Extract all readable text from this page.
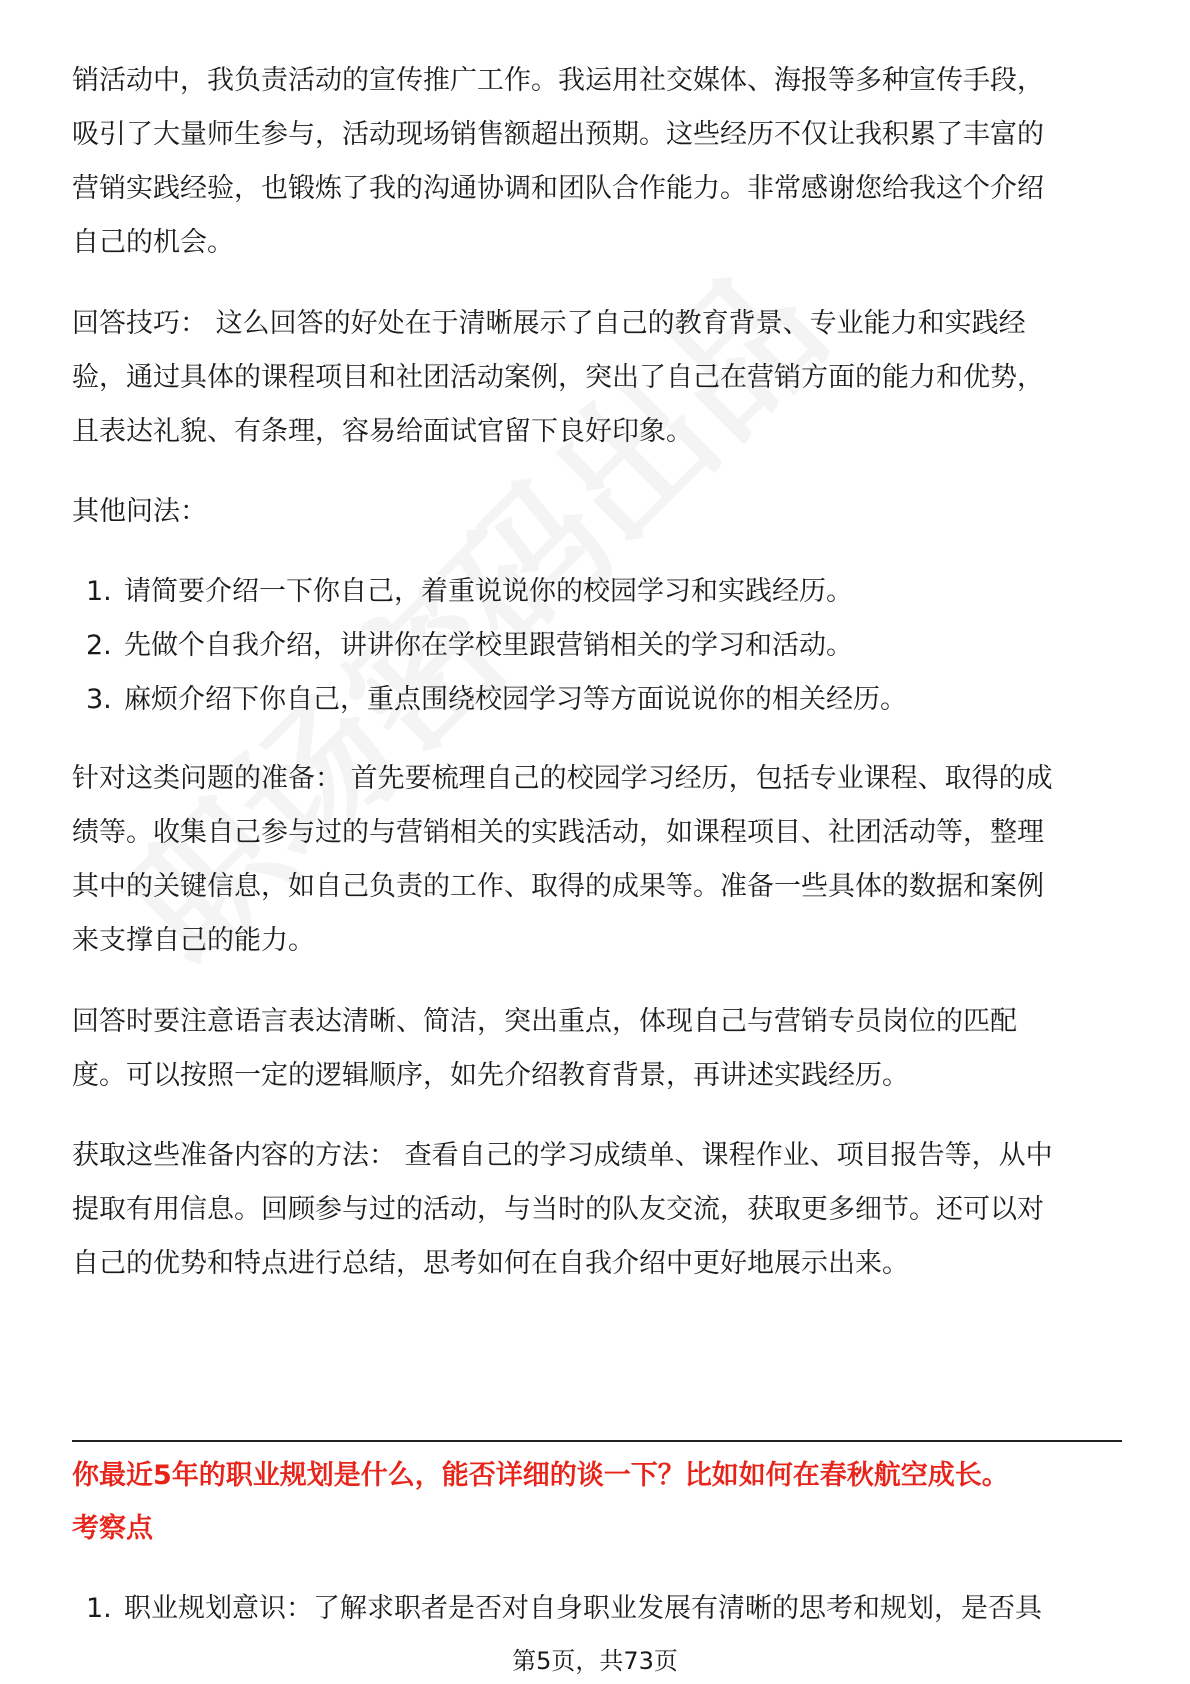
销活动中，我负责活动的宣传推广工作。我运用社交媒体、海报等多种宣传手段，

吸引了大量师生参与，活动现场销售额超出预期。这些经历不仅让我积累了丰富的

营销实践经验，也锻炼了我的沟通协调和团队合作能力。非常感谢您给我这个介绍

自己的机会。

回答技巧： 这么回答的好处在于清晰展示了自己的教育背景、专业能力和实践经

验，通过具体的课程项目和社团活动案例，突出了自己在营销方面的能力和优势，

且表达礼貌、有条理，容易给面试官留下良好印象。

其他问法：

1. 请简要介绍一下你自己，着重说说你的校园学习和实践经历。

2. 先做个自我介绍，讲讲你在学校里跟营销相关的学习和活动。

3. 麻烦介绍下你自己，重点围绕校园学习等方面说说你的相关经历。

针对这类问题的准备： 首先要梳理自己的校园学习经历，包括专业课程、取得的成

绩等。收集自己参与过的与营销相关的实践活动，如课程项目、社团活动等，整理

其中的关键信息，如自己负责的工作、取得的成果等。准备一些具体的数据和案例

来支撑自己的能力。

回答时要注意语言表达清晰、简洁，突出重点，体现自己与营销专员岗位的匹配

度。可以按照一定的逻辑顺序，如先介绍教育背景，再讲述实践经历。

获取这些准备内容的方法： 查看自己的学习成绩单、课程作业、项目报告等，从中

提取有用信息。回顾参与过的活动，与当时的队友交流，获取更多细节。还可以对

自己的优势和特点进行总结，思考如何在自我介绍中更好地展示出来。

你最近5年的职业规划是什么，能否详细的谈一下？比如如何在春秋航空成长。
考察点

1. 职业规划意识：了解求职者是否对自身职业发展有清晰的思考和规划，是否具

第5页，共73页
